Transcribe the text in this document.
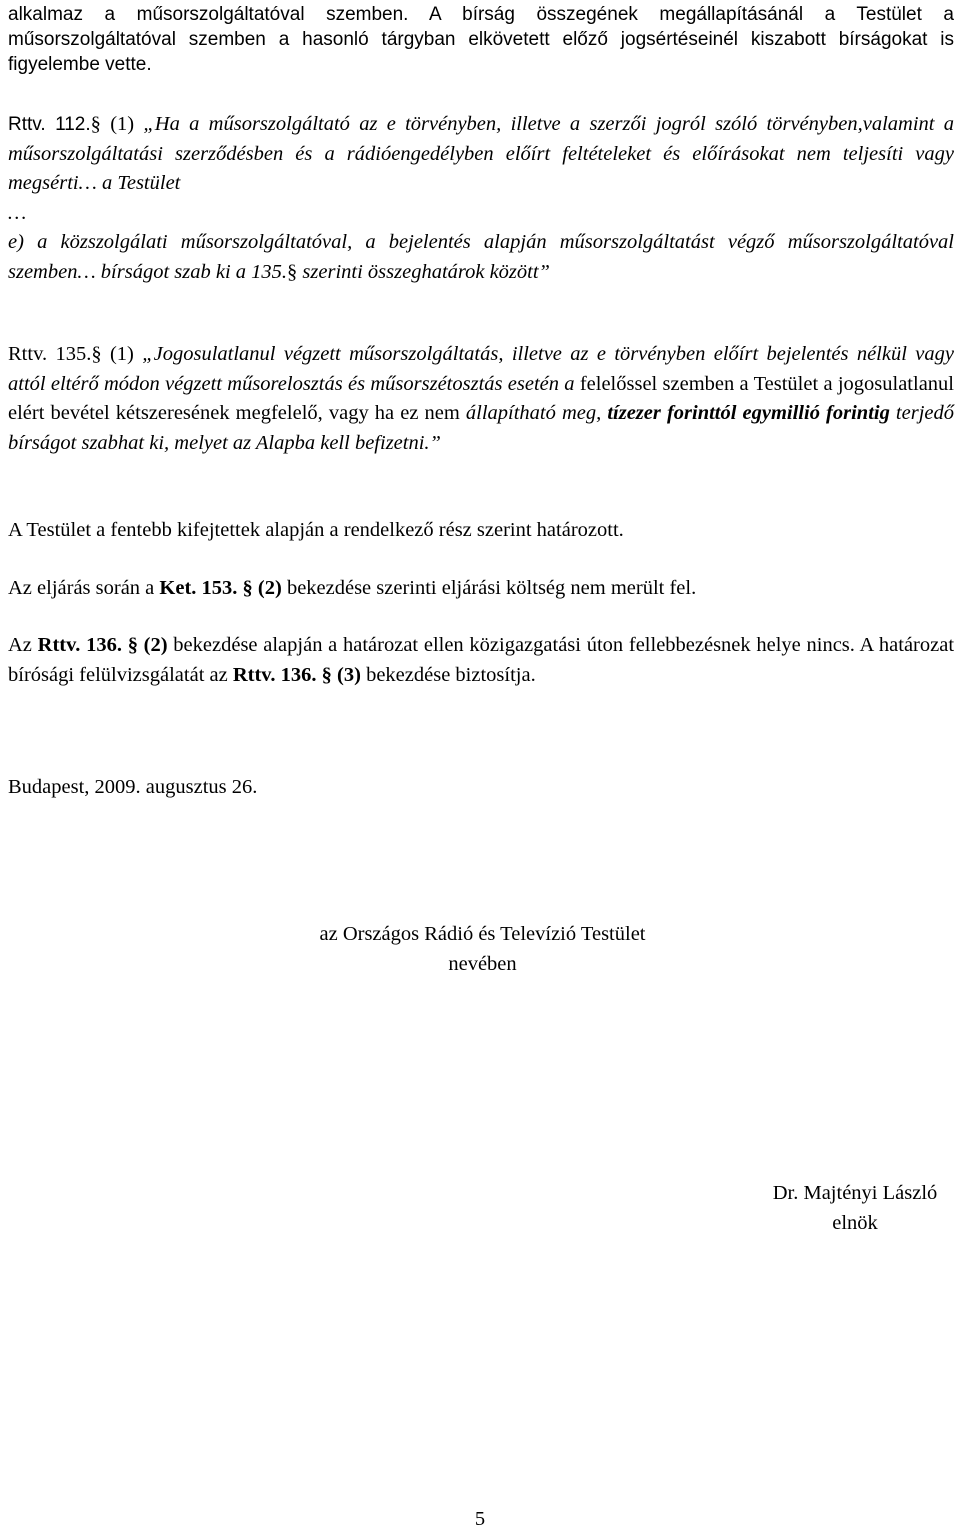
alkalmaz a műsorszolgáltatóval szemben. A bírság összegének megállapításánál a Testület a műsorszolgáltatóval szemben a hasonló tárgyban elkövetett előző jogsértéseinél kiszabott bírságokat is figyelembe vette.

Rttv. 112.§ (1) „Ha a műsorszolgáltató az e törvényben, illetve a szerzői jogról szóló törvényben,valamint a műsorszolgáltatási szerződésben és a rádióengedélyben előírt feltételeket és előírásokat nem teljesíti vagy megsérti… a Testület

…

e) a közszolgálati műsorszolgáltatóval, a bejelentés alapján műsorszolgáltatást végző műsorszolgáltatóval szemben… bírságot szab ki a 135.§ szerinti összeghatárok között”

Rttv. 135.§ (1) „Jogosulatlanul végzett műsorszolgáltatás, illetve az e törvényben előírt bejelentés nélkül vagy attól eltérő módon végzett műsorelosztás és műsorszétosztás esetén a felelőssel szemben a Testület a jogosulatlanul elért bevétel kétszeresének megfelelő, vagy ha ez nem állapítható meg, tízezer forinttól egymillió forintig terjedő bírságot szabhat ki, melyet az Alapba kell befizetni.”

A Testület a fentebb kifejtettek alapján a rendelkező rész szerint határozott.

Az eljárás során a Ket. 153. § (2) bekezdése szerinti eljárási költség nem merült fel.

Az Rttv. 136. § (2) bekezdése alapján a határozat ellen közigazgatási úton fellebbezésnek helye nincs. A határozat bírósági felülvizsgálatát az Rttv. 136. § (3) bekezdése biztosítja.

Budapest, 2009. augusztus 26.

az Országos Rádió és Televízió Testület
nevében
Dr. Majtényi László
elnök
5
